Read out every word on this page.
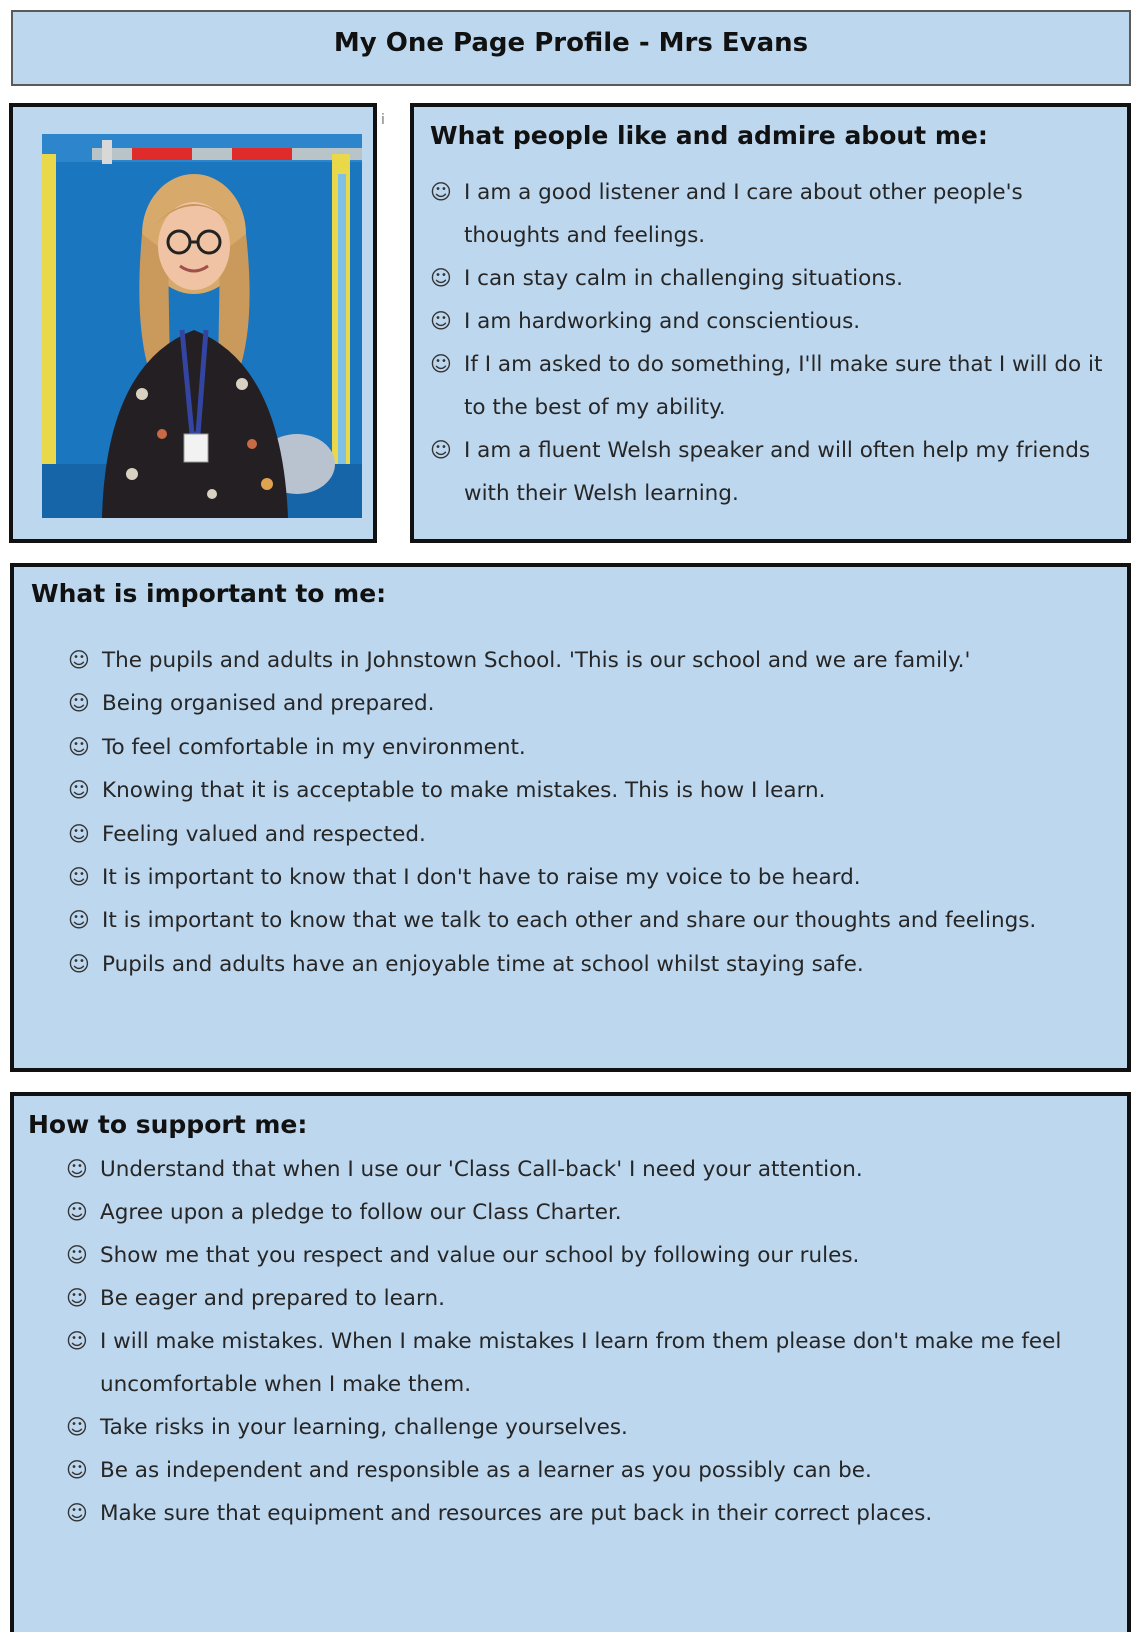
My One Page Profile - Mrs Evans
i
What people like and admire about me:
☺ I am a good listener and I care about other people's thoughts and feelings.
☺ I can stay calm in challenging situations.
☺ I am hardworking and conscientious.
☺ If I am asked to do something, I'll make sure that I will do it to the best of my ability.
☺ I am a fluent Welsh speaker and will often help my friends with their Welsh learning.
What is important to me:
☺ The pupils and adults in Johnstown School. 'This is our school and we are family.'
☺ Being organised and prepared.
☺ To feel comfortable in my environment.
☺ Knowing that it is acceptable to make mistakes. This is how I learn.
☺ Feeling valued and respected.
☺ It is important to know that I don't have to raise my voice to be heard.
☺ It is important to know that we talk to each other and share our thoughts and feelings.
☺ Pupils and adults have an enjoyable time at school whilst staying safe.
How to support me:
☺ Understand that when I use our 'Class Call-back' I need your attention.
☺ Agree upon a pledge to follow our Class Charter.
☺ Show me that you respect and value our school by following our rules.
☺ Be eager and prepared to learn.
☺ I will make mistakes. When I make mistakes I learn from them please don't make me feel uncomfortable when I make them.
☺ Take risks in your learning, challenge yourselves.
☺ Be as independent and responsible as a learner as you possibly can be.
☺ Make sure that equipment and resources are put back in their correct places.
